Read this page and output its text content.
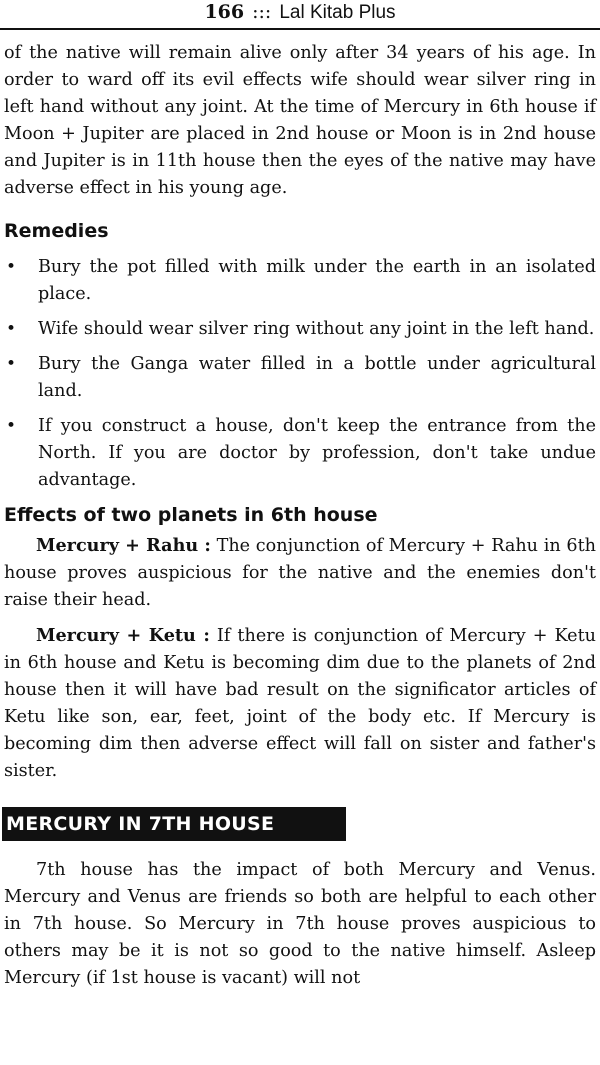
166 ::: Lal Kitab Plus

of the native will remain alive only after 34 years of his age. In order to ward off its evil effects wife should wear silver ring in left hand without any joint. At the time of Mercury in 6th house if Moon + Jupiter are placed in 2nd house or Moon is in 2nd house and Jupiter is in 11th house then the eyes of the native may have adverse effect in his young age.

Remedies
• Bury the pot filled with milk under the earth in an isolated place.
• Wife should wear silver ring without any joint in the left hand.
• Bury the Ganga water filled in a bottle under agricultural land.
• If you construct a house, don't keep the entrance from the North. If you are doctor by profession, don't take undue advantage.
Effects of two planets in 6th house

Mercury + Rahu : The conjunction of Mercury + Rahu in 6th house proves auspicious for the native and the enemies don't raise their head.

Mercury + Ketu : If there is conjunction of Mercury + Ketu in 6th house and Ketu is becoming dim due to the planets of 2nd house then it will have bad result on the significator articles of Ketu like son, ear, feet, joint of the body etc. If Mercury is becoming dim then adverse effect will fall on sister and father's sister.

MERCURY IN 7TH HOUSE

7th house has the impact of both Mercury and Venus. Mercury and Venus are friends so both are helpful to each other in 7th house. So Mercury in 7th house proves auspicious to others may be it is not so good to the native himself. Asleep Mercury (if 1st house is vacant) will not
